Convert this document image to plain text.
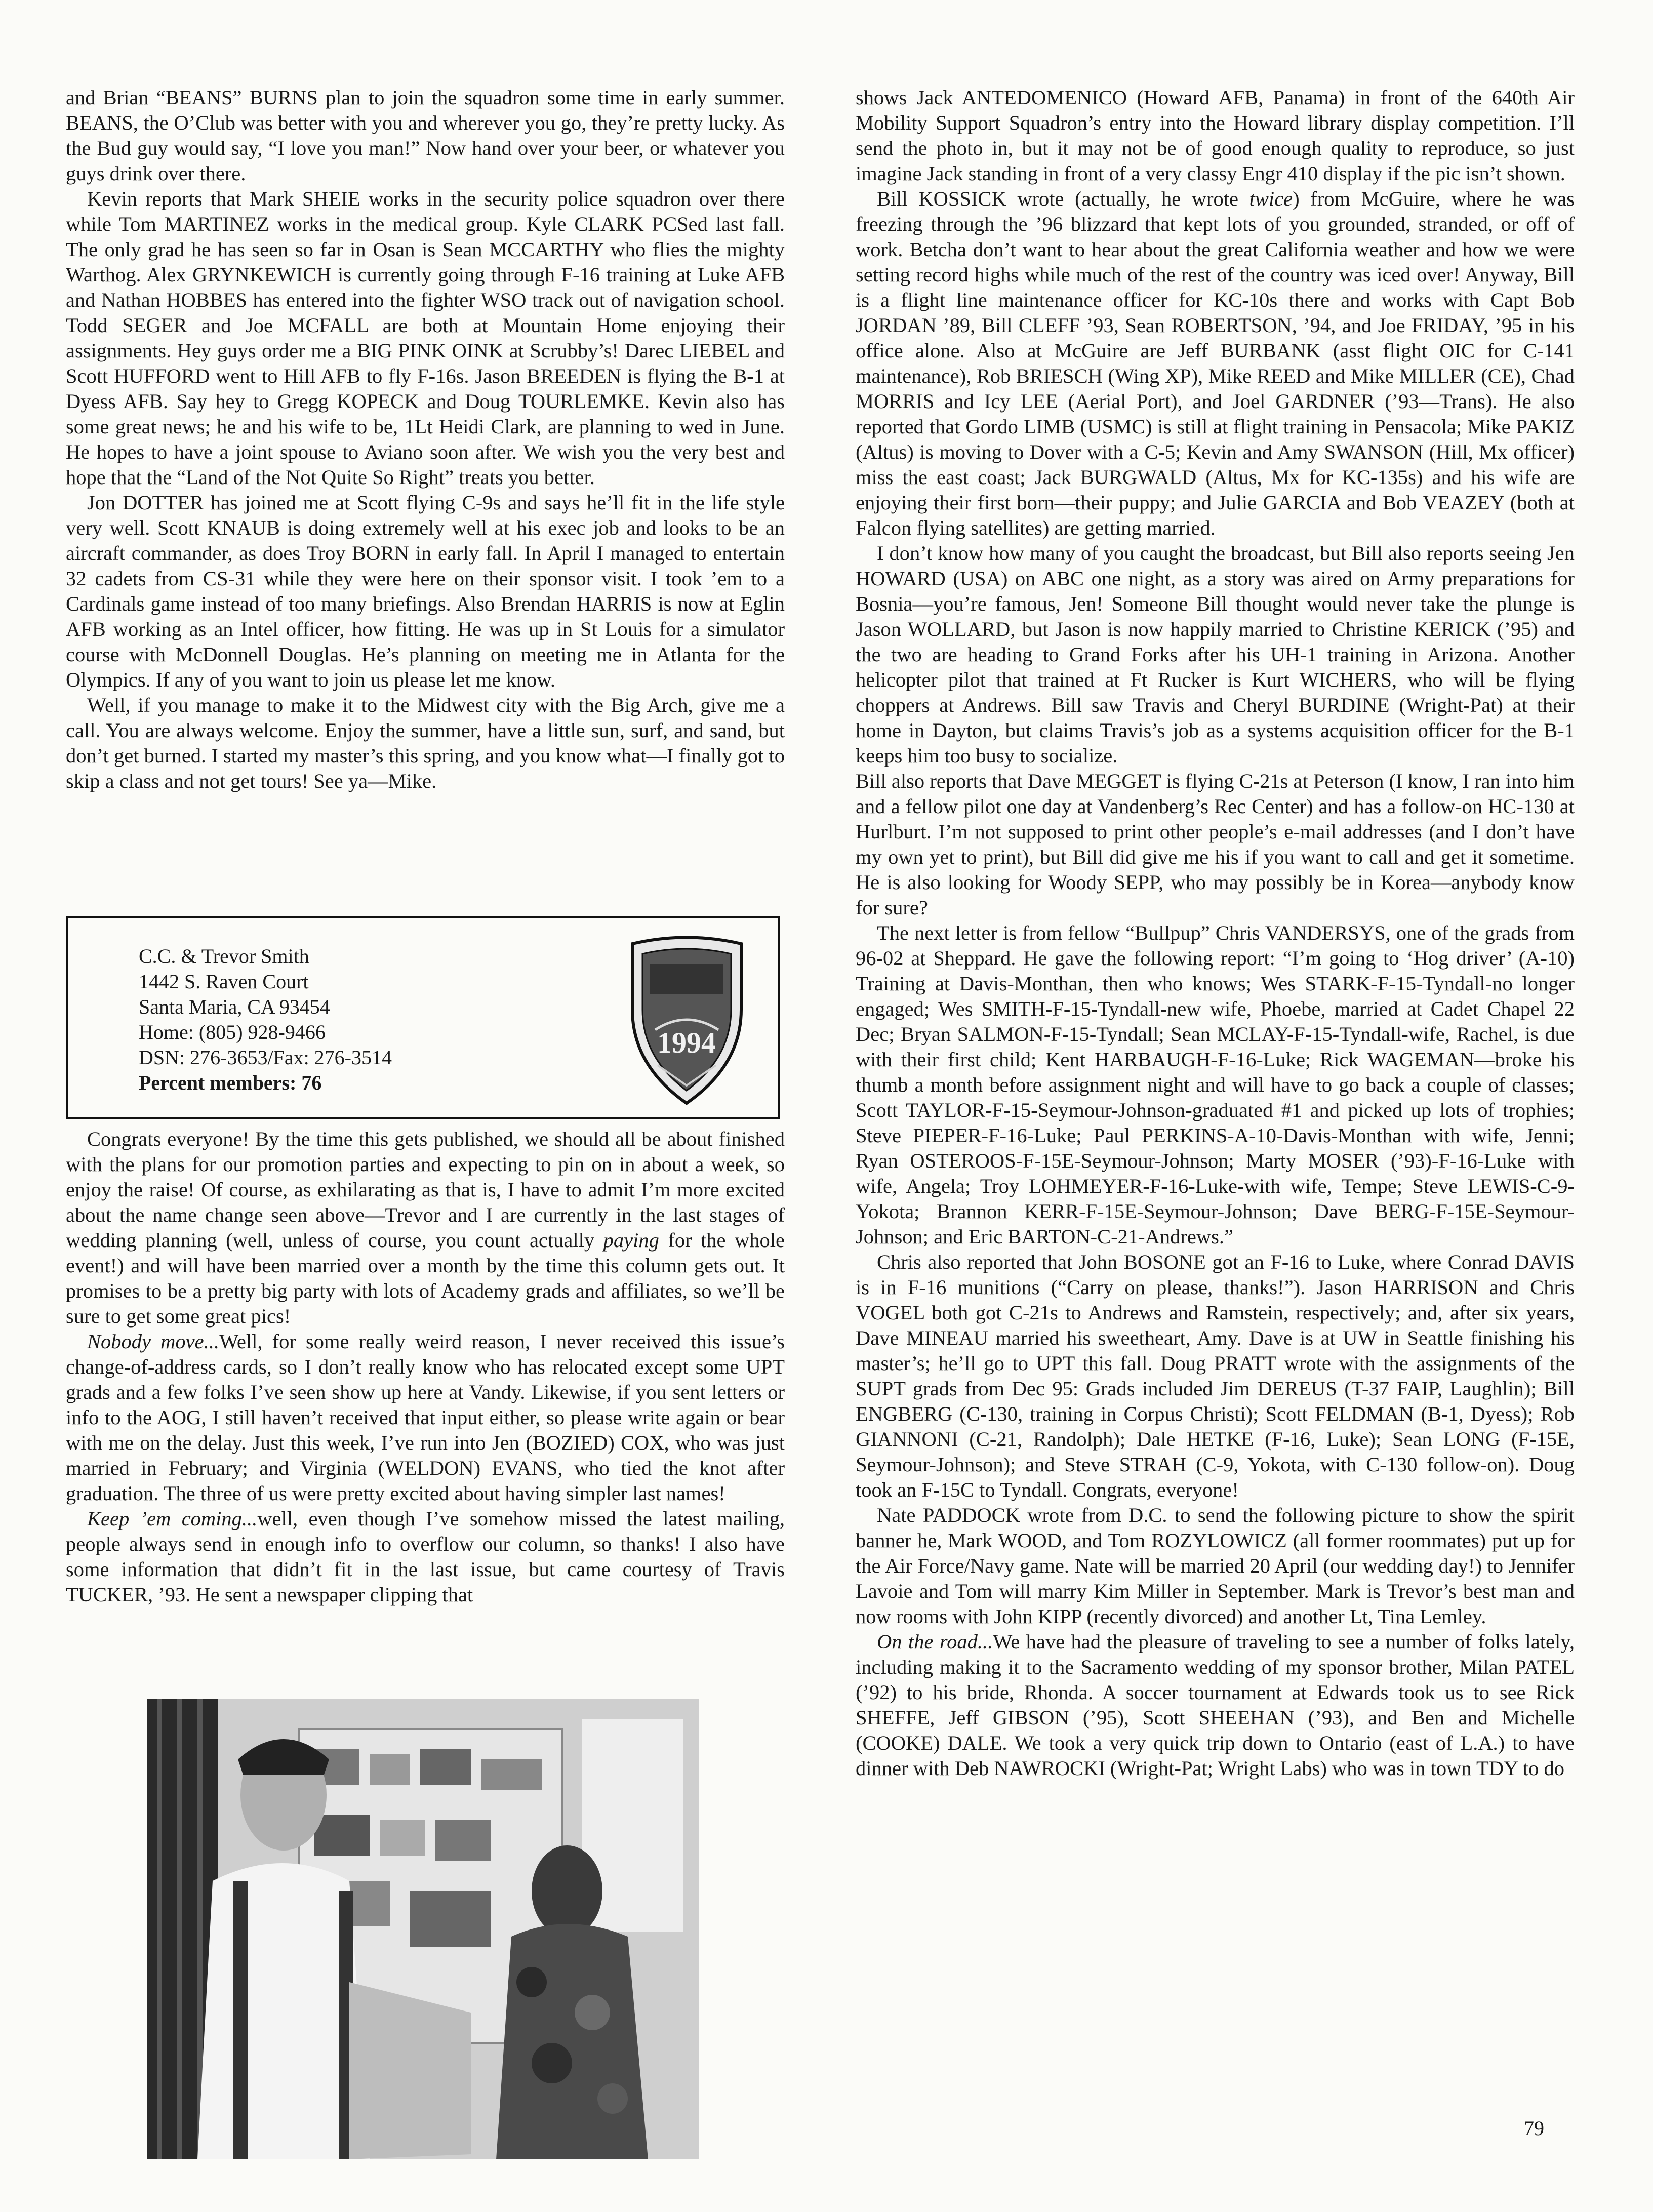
and Brian “BEANS” BURNS plan to join the squadron some time in early summer. BEANS, the O’Club was better with you and wherever you go, they’re pretty lucky. As the Bud guy would say, “I love you man!” Now hand over your beer, or whatever you guys drink over there.

Kevin reports that Mark SHEIE works in the security police squadron over there while Tom MARTINEZ works in the medical group. Kyle CLARK PCSed last fall. The only grad he has seen so far in Osan is Sean MCCARTHY who flies the mighty Warthog. Alex GRYNKEWICH is currently going through F-16 training at Luke AFB and Nathan HOBBES has entered into the fighter WSO track out of navigation school. Todd SEGER and Joe MCFALL are both at Mountain Home enjoying their assignments. Hey guys order me a BIG PINK OINK at Scrubby’s! Darec LIEBEL and Scott HUFFORD went to Hill AFB to fly F-16s. Jason BREEDEN is flying the B-1 at Dyess AFB. Say hey to Gregg KOPECK and Doug TOURLEMKE. Kevin also has some great news; he and his wife to be, 1Lt Heidi Clark, are planning to wed in June. He hopes to have a joint spouse to Aviano soon after. We wish you the very best and hope that the “Land of the Not Quite So Right” treats you better.

Jon DOTTER has joined me at Scott flying C-9s and says he’ll fit in the life style very well. Scott KNAUB is doing extremely well at his exec job and looks to be an aircraft commander, as does Troy BORN in early fall. In April I managed to entertain 32 cadets from CS-31 while they were here on their sponsor visit. I took ’em to a Cardinals game instead of too many briefings. Also Brendan HARRIS is now at Eglin AFB working as an Intel officer, how fitting. He was up in St Louis for a simulator course with McDonnell Douglas. He’s planning on meeting me in Atlanta for the Olympics. If any of you want to join us please let me know.

Well, if you manage to make it to the Midwest city with the Big Arch, give me a call. You are always welcome. Enjoy the summer, have a little sun, surf, and sand, but don’t get burned. I started my master’s this spring, and you know what—I finally got to skip a class and not get tours! See ya—Mike.

C.C. & Trevor Smith
1442 S. Raven Court
Santa Maria, CA 93454
Home: (805) 928-9466
DSN: 276-3653/Fax: 276-3514
Percent members: 76
1994

Congrats everyone! By the time this gets published, we should all be about finished with the plans for our promotion parties and expecting to pin on in about a week, so enjoy the raise! Of course, as exhilarating as that is, I have to admit I’m more excited about the name change seen above—Trevor and I are currently in the last stages of wedding planning (well, unless of course, you count actually paying for the whole event!) and will have been married over a month by the time this column gets out. It promises to be a pretty big party with lots of Academy grads and affiliates, so we’ll be sure to get some great pics!

Nobody move...Well, for some really weird reason, I never received this issue’s change-of-address cards, so I don’t really know who has relocated except some UPT grads and a few folks I’ve seen show up here at Vandy. Likewise, if you sent letters or info to the AOG, I still haven’t received that input either, so please write again or bear with me on the delay. Just this week, I’ve run into Jen (BOZIED) COX, who was just married in February; and Virginia (WELDON) EVANS, who tied the knot after graduation. The three of us were pretty excited about having simpler last names!

Keep ’em coming...well, even though I’ve somehow missed the latest mailing, people always send in enough info to overflow our column, so thanks! I also have some information that didn’t fit in the last issue, but came courtesy of Travis TUCKER, ’93. He sent a newspaper clipping that

shows Jack ANTEDOMENICO (Howard AFB, Panama) in front of the 640th Air Mobility Support Squadron’s entry into the Howard library display competition. I’ll send the photo in, but it may not be of good enough quality to reproduce, so just imagine Jack standing in front of a very classy Engr 410 display if the pic isn’t shown.

Bill KOSSICK wrote (actually, he wrote twice) from McGuire, where he was freezing through the ’96 blizzard that kept lots of you grounded, stranded, or off of work. Betcha don’t want to hear about the great California weather and how we were setting record highs while much of the rest of the country was iced over! Anyway, Bill is a flight line maintenance officer for KC-10s there and works with Capt Bob JORDAN ’89, Bill CLEFF ’93, Sean ROBERTSON, ’94, and Joe FRIDAY, ’95 in his office alone. Also at McGuire are Jeff BURBANK (asst flight OIC for C-141 maintenance), Rob BRIESCH (Wing XP), Mike REED and Mike MILLER (CE), Chad MORRIS and Icy LEE (Aerial Port), and Joel GARDNER (’93—Trans). He also reported that Gordo LIMB (USMC) is still at flight training in Pensacola; Mike PAKIZ (Altus) is moving to Dover with a C-5; Kevin and Amy SWANSON (Hill, Mx officer) miss the east coast; Jack BURGWALD (Altus, Mx for KC-135s) and his wife are enjoying their first born—their puppy; and Julie GARCIA and Bob VEAZEY (both at Falcon flying satellites) are getting married.

I don’t know how many of you caught the broadcast, but Bill also reports seeing Jen HOWARD (USA) on ABC one night, as a story was aired on Army preparations for Bosnia—you’re famous, Jen! Someone Bill thought would never take the plunge is Jason WOLLARD, but Jason is now happily married to Christine KERICK (’95) and the two are heading to Grand Forks after his UH-1 training in Arizona. Another helicopter pilot that trained at Ft Rucker is Kurt WICHERS, who will be flying choppers at Andrews. Bill saw Travis and Cheryl BURDINE (Wright-Pat) at their home in Dayton, but claims Travis’s job as a systems acquisition officer for the B-1 keeps him too busy to socialize.

Bill also reports that Dave MEGGET is flying C-21s at Peterson (I know, I ran into him and a fellow pilot one day at Vandenberg’s Rec Center) and has a follow-on HC-130 at Hurlburt. I’m not supposed to print other people’s e-mail addresses (and I don’t have my own yet to print), but Bill did give me his if you want to call and get it sometime. He is also looking for Woody SEPP, who may possibly be in Korea—anybody know for sure?

The next letter is from fellow “Bullpup” Chris VANDERSYS, one of the grads from 96-02 at Sheppard. He gave the following report: “I’m going to ‘Hog driver’ (A-10) Training at Davis-Monthan, then who knows; Wes STARK-F-15-Tyndall-no longer engaged; Wes SMITH-F-15-Tyndall-new wife, Phoebe, married at Cadet Chapel 22 Dec; Bryan SALMON-F-15-Tyndall; Sean MCLAY-F-15-Tyndall-wife, Rachel, is due with their first child; Kent HARBAUGH-F-16-Luke; Rick WAGEMAN—broke his thumb a month before assignment night and will have to go back a couple of classes; Scott TAYLOR-F-15-Seymour-Johnson-graduated #1 and picked up lots of trophies; Steve PIEPER-F-16-Luke; Paul PERKINS-A-10-Davis-Monthan with wife, Jenni; Ryan OSTEROOS-F-15E-Seymour-Johnson; Marty MOSER (’93)-F-16-Luke with wife, Angela; Troy LOHMEYER-F-16-Luke-with wife, Tempe; Steve LEWIS-C-9-Yokota; Brannon KERR-F-15E-Seymour-Johnson; Dave BERG-F-15E-Seymour-Johnson; and Eric BARTON-C-21-Andrews.”

Chris also reported that John BOSONE got an F-16 to Luke, where Conrad DAVIS is in F-16 munitions (“Carry on please, thanks!”). Jason HARRISON and Chris VOGEL both got C-21s to Andrews and Ramstein, respectively; and, after six years, Dave MINEAU married his sweetheart, Amy. Dave is at UW in Seattle finishing his master’s; he’ll go to UPT this fall. Doug PRATT wrote with the assignments of the SUPT grads from Dec 95: Grads included Jim DEREUS (T-37 FAIP, Laughlin); Bill ENGBERG (C-130, training in Corpus Christi); Scott FELDMAN (B-1, Dyess); Rob GIANNONI (C-21, Randolph); Dale HETKE (F-16, Luke); Sean LONG (F-15E, Seymour-Johnson); and Steve STRAH (C-9, Yokota, with C-130 follow-on). Doug took an F-15C to Tyndall. Congrats, everyone!

Nate PADDOCK wrote from D.C. to send the following picture to show the spirit banner he, Mark WOOD, and Tom ROZYLOWICZ (all former roommates) put up for the Air Force/Navy game. Nate will be married 20 April (our wedding day!) to Jennifer Lavoie and Tom will marry Kim Miller in September. Mark is Trevor’s best man and now rooms with John KIPP (recently divorced) and another Lt, Tina Lemley.

On the road...We have had the pleasure of traveling to see a number of folks lately, including making it to the Sacramento wedding of my sponsor brother, Milan PATEL (’92) to his bride, Rhonda. A soccer tournament at Edwards took us to see Rick SHEFFE, Jeff GIBSON (’95), Scott SHEEHAN (’93), and Ben and Michelle (COOKE) DALE. We took a very quick trip down to Ontario (east of L.A.) to have dinner with Deb NAWROCKI (Wright-Pat; Wright Labs) who was in town TDY to do

79
